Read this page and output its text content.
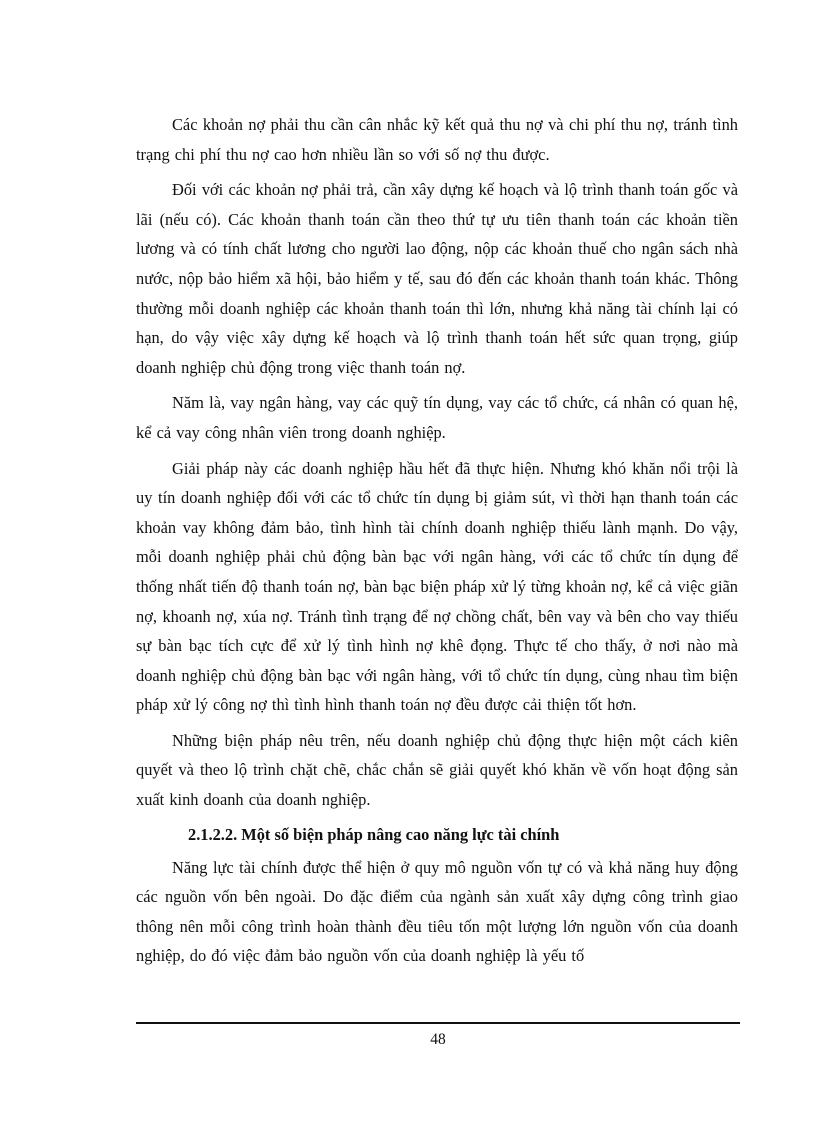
Các khoản nợ phải thu cần cân nhắc kỹ kết quả thu nợ và chi phí thu nợ, tránh tình trạng chi phí thu nợ cao hơn nhiều lần so với số nợ thu được.

Đối với các khoản nợ phải trả, cần xây dựng kế hoạch và lộ trình thanh toán gốc và lãi (nếu có). Các khoản thanh toán cần theo thứ tự ưu tiên thanh toán các khoản tiền lương và có tính chất lương cho người lao động, nộp các khoản thuế cho ngân sách nhà nước, nộp bảo hiểm xã hội, bảo hiểm y tế, sau đó đến các khoản thanh toán khác. Thông thường mỗi doanh nghiệp các khoản thanh toán thì lớn, nhưng khả năng tài chính lại có hạn, do vậy việc xây dựng kế hoạch và lộ trình thanh toán hết sức quan trọng, giúp doanh nghiệp chủ động trong việc thanh toán nợ.

Năm là, vay ngân hàng, vay các quỹ tín dụng, vay các tổ chức, cá nhân có quan hệ, kể cả vay công nhân viên trong doanh nghiệp.

Giải pháp này các doanh nghiệp hầu hết đã thực hiện. Nhưng khó khăn nổi trội là uy tín doanh nghiệp đối với các tổ chức tín dụng bị giảm sút, vì thời hạn thanh toán các khoản vay không đảm bảo, tình hình tài chính doanh nghiệp thiếu lành mạnh. Do vậy, mỗi doanh nghiệp phải chủ động bàn bạc với ngân hàng, với các tổ chức tín dụng để thống nhất tiến độ thanh toán nợ, bàn bạc biện pháp xử lý từng khoản nợ, kể cả việc giãn nợ, khoanh nợ, xúa nợ. Tránh tình trạng để nợ chồng chất, bên vay và bên cho vay thiếu sự bàn bạc tích cực để xử lý tình hình nợ khê đọng. Thực tế cho thấy, ở nơi nào mà doanh nghiệp chủ động bàn bạc với ngân hàng, với tổ chức tín dụng, cùng nhau tìm biện pháp xử lý công nợ thì tình hình thanh toán nợ đều được cải thiện tốt hơn.

Những biện pháp nêu trên, nếu doanh nghiệp chủ động thực hiện một cách kiên quyết và theo lộ trình chặt chẽ, chắc chắn sẽ giải quyết khó khăn về vốn hoạt động sản xuất kinh doanh của doanh nghiệp.

2.1.2.2. Một số biện pháp nâng cao năng lực tài chính

Năng lực tài chính được thể hiện ở quy mô nguồn vốn tự có và khả năng huy động các nguồn vốn bên ngoài. Do đặc điểm của ngành sản xuất xây dựng công trình giao thông nên mỗi công trình hoàn thành đều tiêu tốn một lượng lớn nguồn vốn của doanh nghiệp, do đó việc đảm bảo nguồn vốn của doanh nghiệp là yếu tố

48
